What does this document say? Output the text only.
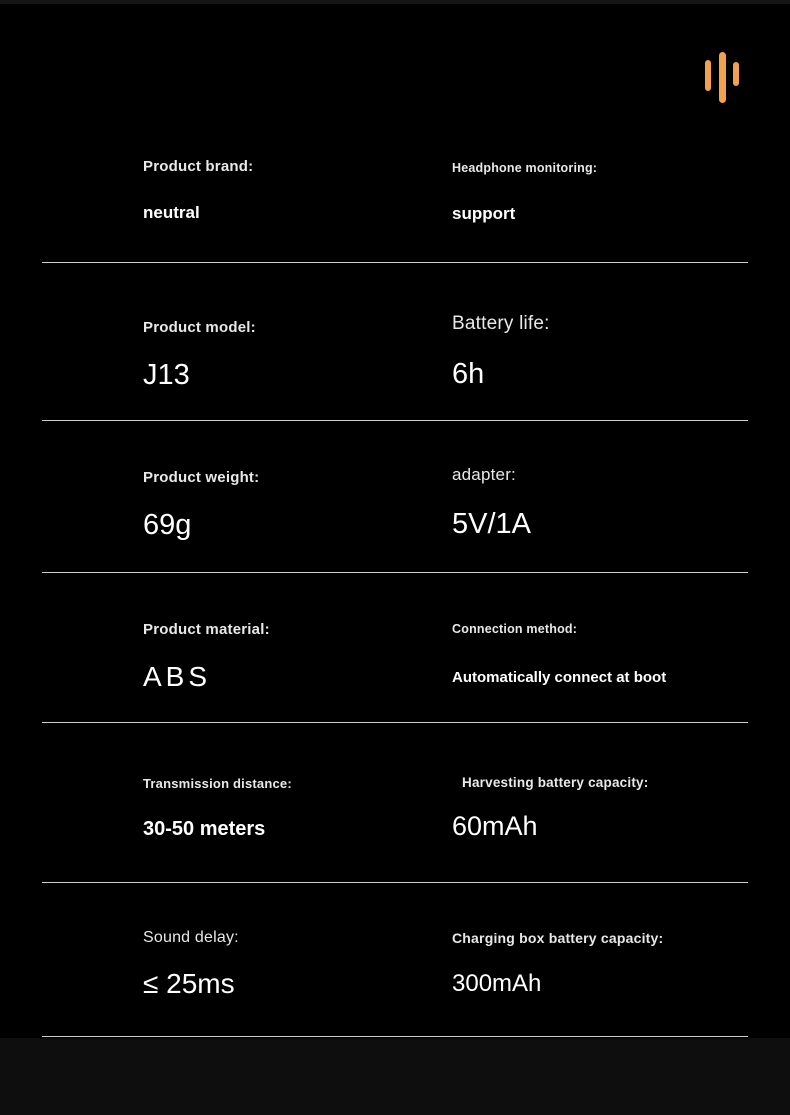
Product brand:
neutral
Headphone monitoring:
support
Product model:
J13
Battery life:
6h
Product weight:
69g
adapter:
5V/1A
Product material:
ABS
Connection method:
Automatically connect at boot
Transmission distance:
30-50 meters
Harvesting battery capacity:
60mAh
Sound delay:
≤ 25ms
Charging box battery capacity:
300mAh
